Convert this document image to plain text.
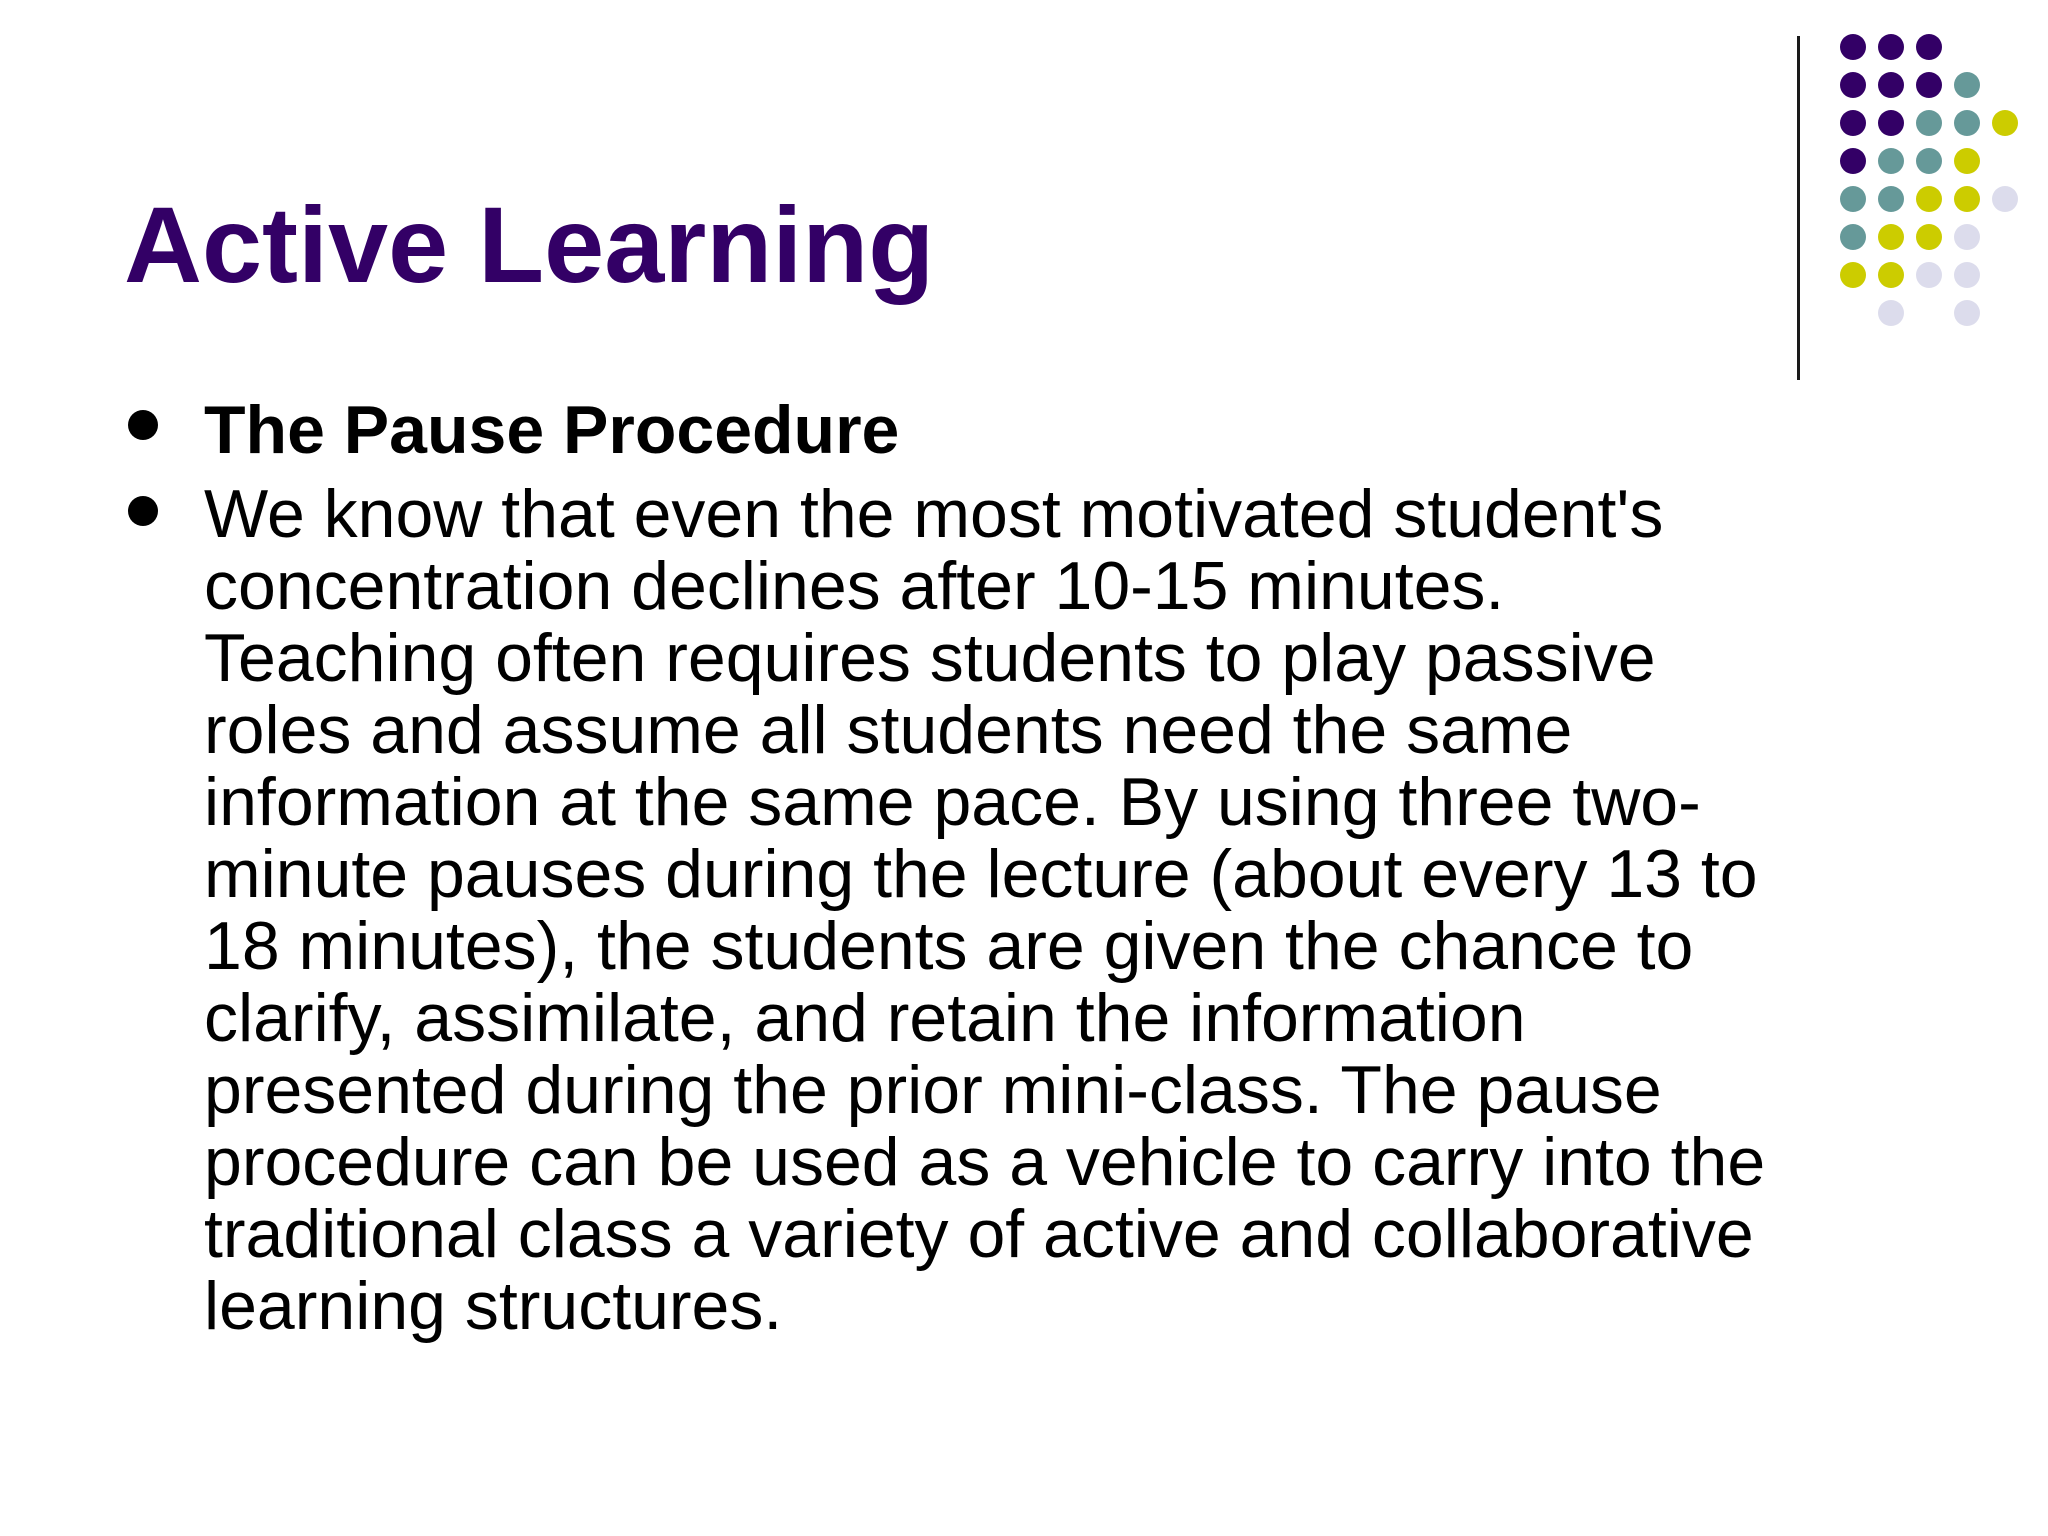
Active Learning
The Pause Procedure
We know that even the most motivated student's
concentration declines after 10-15 minutes.
Teaching often requires students to play passive
roles and assume all students need the same
information at the same pace. By using three two-
minute pauses during the lecture (about every 13 to
18 minutes), the students are given the chance to
clarify, assimilate, and retain the information
presented during the prior mini-class. The pause
procedure can be used as a vehicle to carry into the
traditional class a variety of active and collaborative
learning structures.
